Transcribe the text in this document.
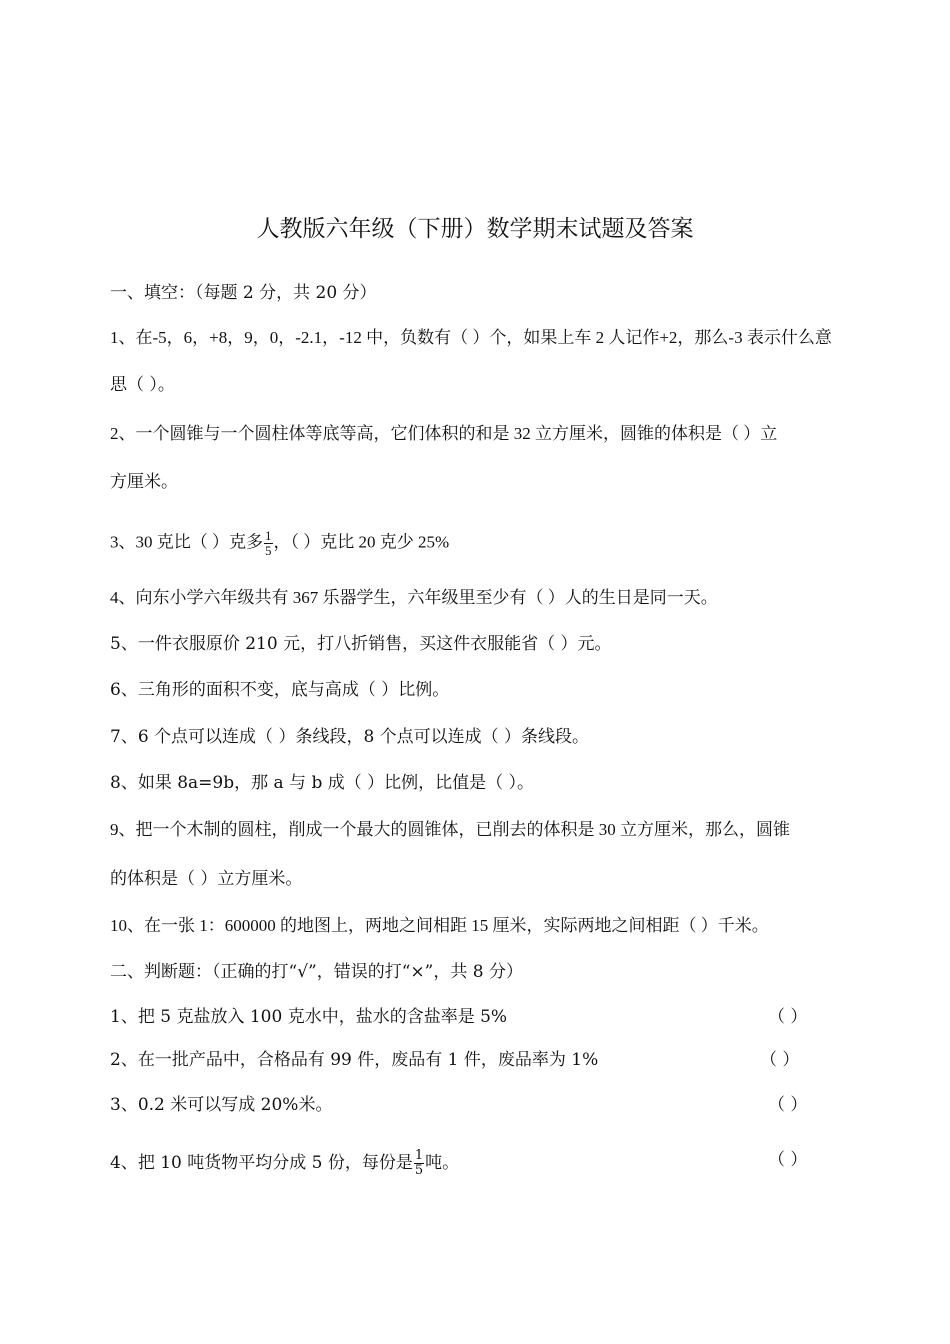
人教版六年级（下册）数学期末试题及答案
一、填空：（每题 2 分，共 20 分）
1、在-5，6，+8，9，0，-2.1，-12 中，负数有（ ）个，如果上车 2 人记作+2，那么-3 表示什么意
思（ ）。
2、一个圆锥与一个圆柱体等底等高，它们体积的和是 32 立方厘米，圆锥的体积是（ ）立
方厘米。
3、30 克比（ ）克多 $\frac{1}{5}$ ，（ ）克比 20 克少 25%
4、向东小学六年级共有 367 乐器学生，六年级里至少有（ ）人的生日是同一天。
5、一件衣服原价 210 元，打八折销售，买这件衣服能省（ ）元。
6、三角形的面积不变，底与高成（ ）比例。
7、6 个点可以连成（ ）条线段，8 个点可以连成（ ）条线段。
8、如果 8a=9b，那 a 与 b 成（ ）比例，比值是（ ）。
9、把一个木制的圆柱，削成一个最大的圆锥体，已削去的体积是 30 立方厘米，那么，圆锥
的体积是（ ）立方厘米。
10、在一张 1：600000 的地图上，两地之间相距 15 厘米，实际两地之间相距（ ）千米。
二、判断题：（正确的打“√”，错误的打“×”，共 8 分）
1、把 5 克盐放入 100 克水中，盐水的含盐率是 5%	（ ）
2、在一批产品中，合格品有 99 件，废品有 1 件，废品率为 1%	（ ）
3、0.2 米可以写成 20%米。	（ ）
4、把 10 吨货物平均分成 5 份，每份是 $\frac{1}{5}$ 吨。	（ ）
